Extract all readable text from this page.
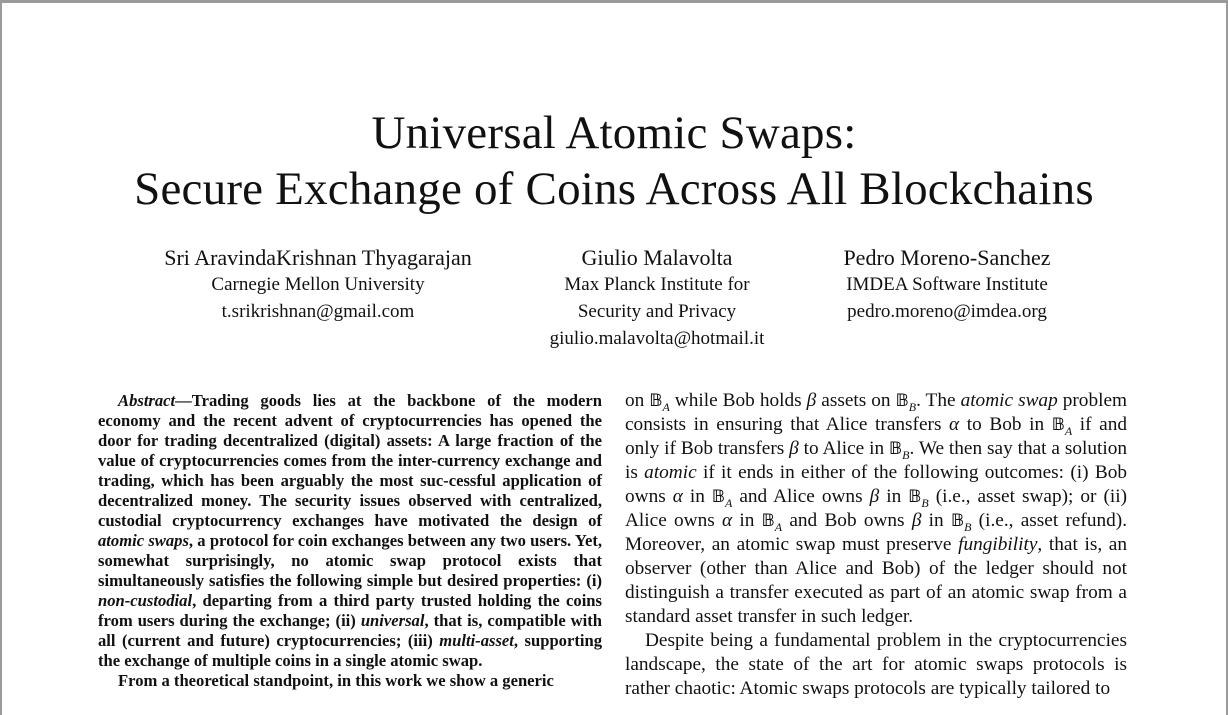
Universal Atomic Swaps:
Secure Exchange of Coins Across All Blockchains
Sri AravindaKrishnan Thyagarajan
Carnegie Mellon University
t.srikrishnan@gmail.com
Giulio Malavolta
Max Planck Institute for
Security and Privacy
giulio.malavolta@hotmail.it
Pedro Moreno-Sanchez
IMDEA Software Institute
pedro.moreno@imdea.org

Abstract—Trading goods lies at the backbone of the modern economy and the recent advent of cryptocurrencies has opened the door for trading decentralized (digital) assets: A large fraction of the value of cryptocurrencies comes from the inter-currency exchange and trading, which has been arguably the most suc-cessful application of decentralized money. The security issues observed with centralized, custodial cryptocurrency exchanges have motivated the design of atomic swaps, a protocol for coin exchanges between any two users. Yet, somewhat surprisingly, no atomic swap protocol exists that simultaneously satisfies the following simple but desired properties: (i) non-custodial, departing from a third party trusted holding the coins from users during the exchange; (ii) universal, that is, compatible with all (current and future) cryptocurrencies; (iii) multi-asset, supporting the exchange of multiple coins in a single atomic swap.

From a theoretical standpoint, in this work we show a generic

on 𝔹$_A$ while Bob holds β assets on 𝔹$_B$. The atomic swap problem consists in ensuring that Alice transfers α to Bob in 𝔹$_A$ if and only if Bob transfers β to Alice in 𝔹$_B$. We then say that a solution is atomic if it ends in either of the following outcomes: (i) Bob owns α in 𝔹$_A$ and Alice owns β in 𝔹$_B$ (i.e., asset swap); or (ii) Alice owns α in 𝔹$_A$ and Bob owns β in 𝔹$_B$ (i.e., asset refund). Moreover, an atomic swap must preserve fungibility, that is, an observer (other than Alice and Bob) of the ledger should not distinguish a transfer executed as part of an atomic swap from a standard asset transfer in such ledger.

Despite being a fundamental problem in the cryptocurrencies landscape, the state of the art for atomic swaps protocols is rather chaotic: Atomic swaps protocols are typically tailored to
